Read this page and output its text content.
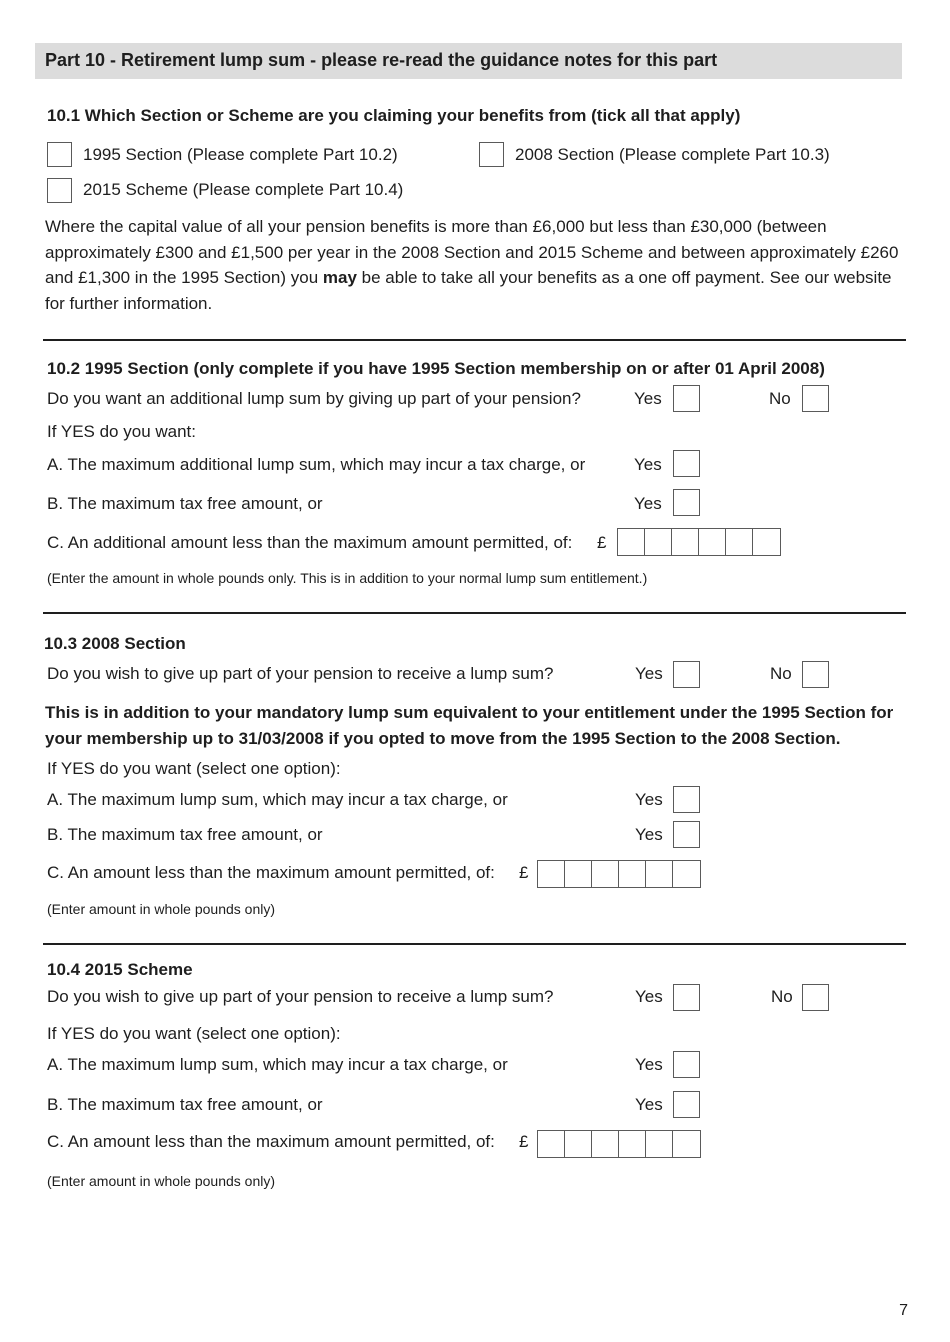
Part 10 - Retirement lump sum - please re-read the guidance notes for this part
10.1 Which Section or Scheme are you claiming your benefits from (tick all that apply)
1995 Section (Please complete Part 10.2)	2008 Section (Please complete Part 10.3)
2015 Scheme (Please complete Part 10.4)
Where the capital value of all your pension benefits is more than £6,000 but less than £30,000 (between approximately £300 and £1,500 per year in the 2008 Section and 2015 Scheme and between approximately £260 and £1,300 in the 1995 Section) you may be able to take all your benefits as a one off payment. See our website for further information.
10.2 1995 Section (only complete if you have 1995 Section membership on or after 01 April 2008)
Do you want an additional lump sum by giving up part of your pension?	Yes	No
If YES do you want:
A. The maximum additional lump sum, which may incur a tax charge, or	Yes
B. The maximum tax free amount, or	Yes
C. An additional amount less than the maximum amount permitted, of: £
(Enter the amount in whole pounds only. This is in addition to your normal lump sum entitlement.)
10.3 2008 Section
Do you wish to give up part of your pension to receive a lump sum?	Yes	No
This is in addition to your mandatory lump sum equivalent to your entitlement under the 1995 Section for your membership up to 31/03/2008 if you opted to move from the 1995 Section to the 2008 Section.
If YES do you want (select one option):
A. The maximum lump sum, which may incur a tax charge, or	Yes
B. The maximum tax free amount, or	Yes
C. An amount less than the maximum amount permitted, of: £
(Enter amount in whole pounds only)
10.4 2015 Scheme
Do you wish to give up part of your pension to receive a lump sum?	Yes	No
If YES do you want (select one option):
A. The maximum lump sum, which may incur a tax charge, or	Yes
B. The maximum tax free amount, or	Yes
C. An amount less than the maximum amount permitted, of: £
(Enter amount in whole pounds only)
7
